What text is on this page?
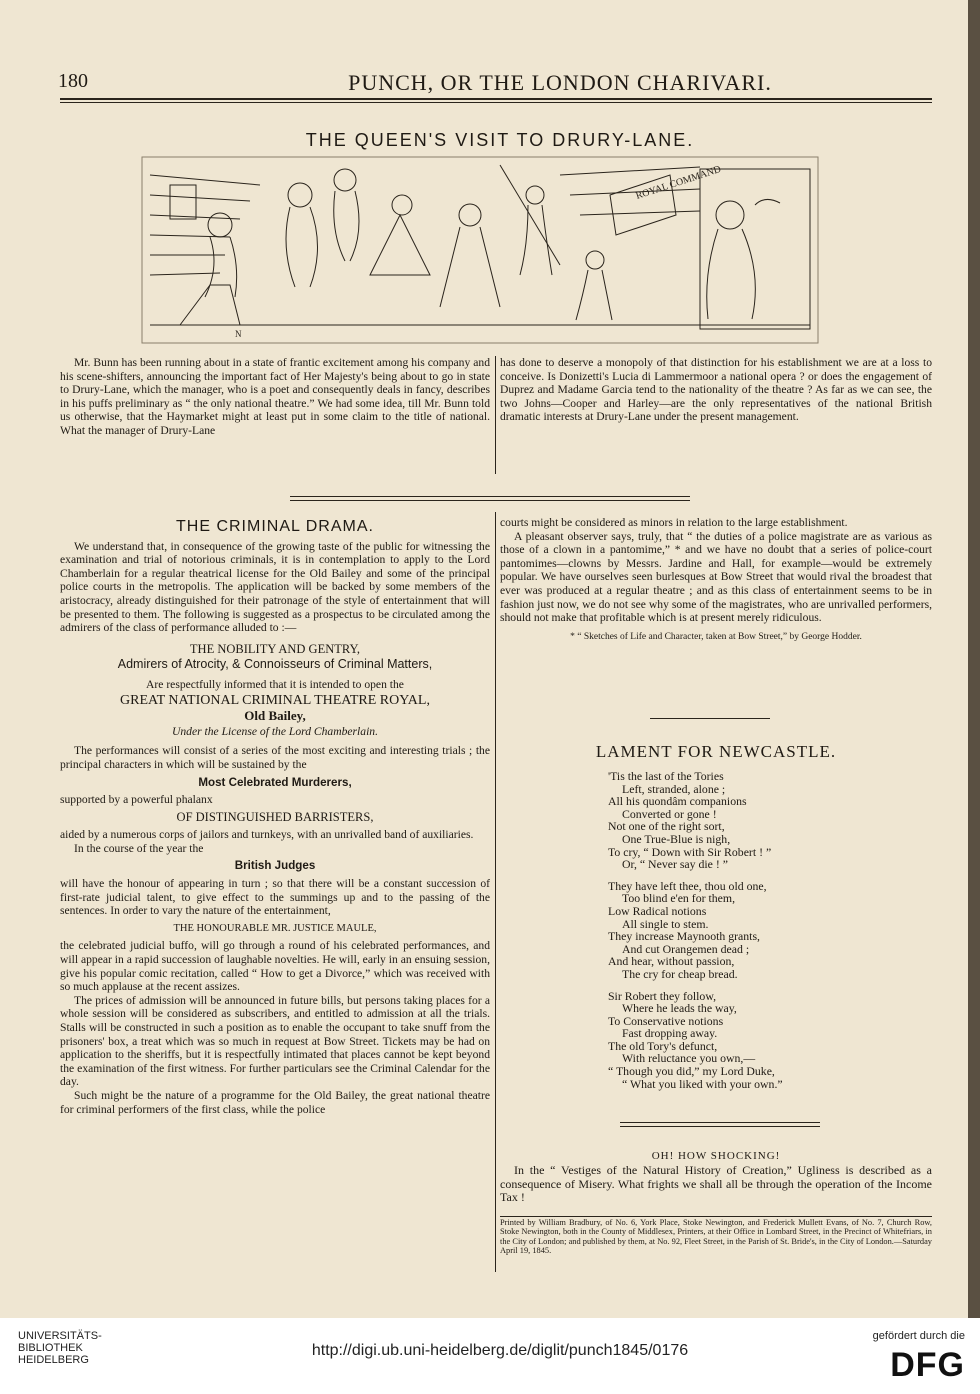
180	PUNCH, OR THE LONDON CHARIVARI.
THE QUEEN'S VISIT TO DRURY-LANE.
ROYAL COMMAND
N

Mr. Bunn has been running about in a state of frantic excitement among his company and his scene-shifters, announcing the important fact of Her Majesty's being about to go in state to Drury-Lane, which the manager, who is a poet and consequently deals in fancy, describes in his puffs preliminary as “ the only national theatre.” We had some idea, till Mr. Bunn told us otherwise, that the Haymarket might at least put in some claim to the title of national. What the manager of Drury-Lane

has done to deserve a monopoly of that distinction for his establishment we are at a loss to conceive. Is Donizetti's Lucia di Lammermoor a national opera ? or does the engagement of Duprez and Madame Garcia tend to the nationality of the theatre ? As far as we can see, the two Johns—Cooper and Harley—are the only representatives of the national British dramatic interests at Drury-Lane under the present management.

THE CRIMINAL DRAMA.

We understand that, in consequence of the growing taste of the public for witnessing the examination and trial of notorious criminals, it is in contemplation to apply to the Lord Chamberlain for a regular theatrical license for the Old Bailey and some of the principal police courts in the metropolis. The application will be backed by some members of the aristocracy, already distinguished for their patronage of the style of entertainment that will be presented to them. The following is suggested as a prospectus to be circulated among the admirers of the class of performance alluded to :—

THE NOBILITY AND GENTRY,

Admirers of Atrocity, & Connoisseurs of Criminal Matters,

Are respectfully informed that it is intended to open the

GREAT NATIONAL CRIMINAL THEATRE ROYAL,

Old Bailey,

Under the License of the Lord Chamberlain.

The performances will consist of a series of the most exciting and interesting trials ; the principal characters in which will be sustained by the

Most Celebrated Murderers,

supported by a powerful phalanx

OF DISTINGUISHED BARRISTERS,

aided by a numerous corps of jailors and turnkeys, with an unrivalled band of auxiliaries.

In the course of the year the

British Judges

will have the honour of appearing in turn ; so that there will be a constant succession of first-rate judicial talent, to give effect to the summings up and to the passing of the sentences. In order to vary the nature of the entertainment,

THE HONOURABLE MR. JUSTICE MAULE,

the celebrated judicial buffo, will go through a round of his celebrated performances, and will appear in a rapid succession of laughable novelties. He will, early in an ensuing session, give his popular comic recitation, called “ How to get a Divorce,” which was received with so much applause at the recent assizes.

The prices of admission will be announced in future bills, but persons taking places for a whole session will be considered as subscribers, and entitled to admission at all the trials. Stalls will be constructed in such a position as to enable the occupant to take snuff from the prisoners' box, a treat which was so much in request at Bow Street. Tickets may be had on application to the sheriffs, but it is respectfully intimated that places cannot be kept beyond the examination of the first witness. For further particulars see the Criminal Calendar for the day.

Such might be the nature of a programme for the Old Bailey, the great national theatre for criminal performers of the first class, while the police

courts might be considered as minors in relation to the large establishment.

A pleasant observer says, truly, that “ the duties of a police magistrate are as various as those of a clown in a pantomime,” * and we have no doubt that a series of police-court pantomimes—clowns by Messrs. Jardine and Hall, for example—would be extremely popular. We have ourselves seen burlesques at Bow Street that would rival the broadest that ever was produced at a regular theatre ; and as this class of entertainment seems to be in fashion just now, we do not see why some of the magistrates, who are unrivalled performers, should not make that profitable which is at present merely ridiculous.

* “ Sketches of Life and Character, taken at Bow Street,” by George Hodder.

LAMENT FOR NEWCASTLE.
'Tis the last of the Tories
Left, stranded, alone ;
All his quondâm companions
Converted or gone !
Not one of the right sort,
One True-Blue is nigh,
To cry, “ Down with Sir Robert ! ”
Or, “ Never say die ! ”
They have left thee, thou old one,
Too blind e'en for them,
Low Radical notions
All single to stem.
They increase Maynooth grants,
And cut Orangemen dead ;
And hear, without passion,
The cry for cheap bread.
Sir Robert they follow,
Where he leads the way,
To Conservative notions
Fast dropping away.
The old Tory's defunct,
With reluctance you own,—
“ Though you did,” my Lord Duke,
“ What you liked with your own.”
OH! HOW SHOCKING!

In the “ Vestiges of the Natural History of Creation,” Ugliness is described as a consequence of Misery. What frights we shall all be through the operation of the Income Tax !

Printed by William Bradbury, of No. 6, York Place, Stoke Newington, and Frederick Mullett Evans, of No. 7, Church Row, Stoke Newington, both in the County of Middlesex, Printers, at their Office in Lombard Street, in the Precinct of Whitefriars, in the City of London; and published by them, at No. 92, Fleet Street, in the Parish of St. Bride's, in the City of London.—Saturday April 19, 1845.
UNIVERSITÄTS-
BIBLIOTHEK
HEIDELBERG
http://digi.ub.uni-heidelberg.de/diglit/punch1845/0176
gefördert durch die
DFG
